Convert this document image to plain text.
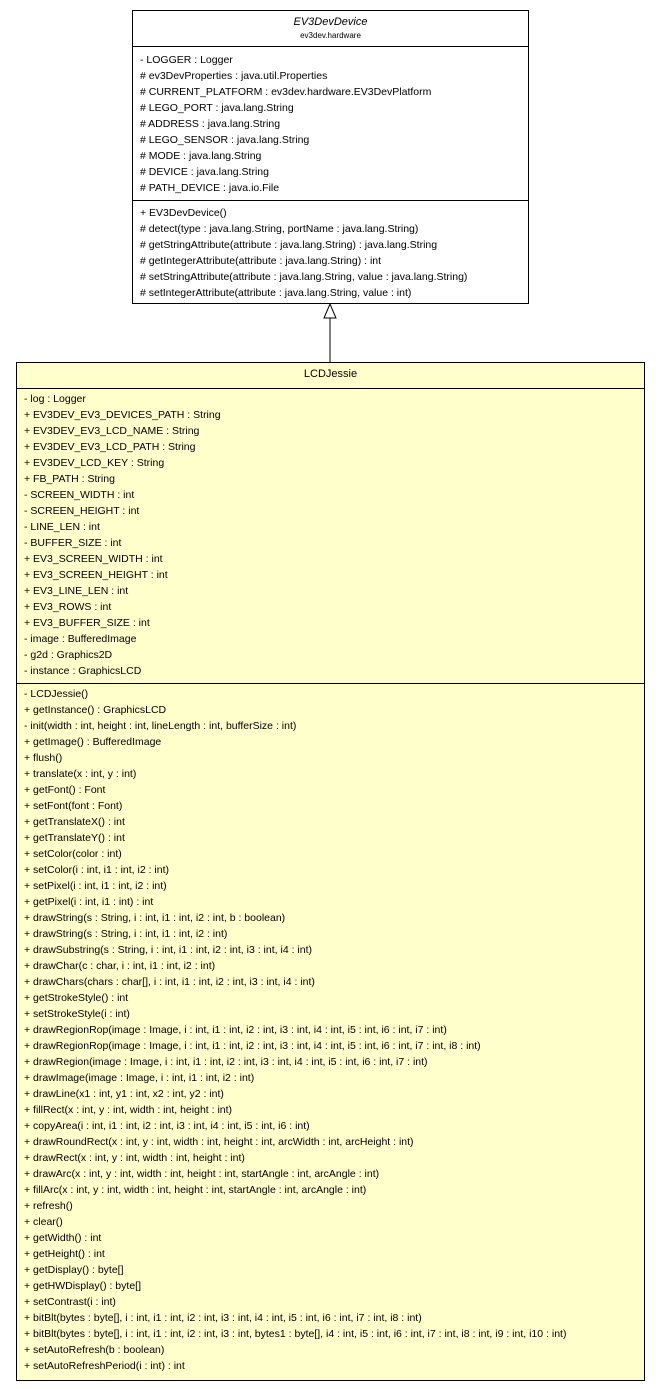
EV3DevDevice
ev3dev.hardware
- LOGGER : Logger
# ev3DevProperties : java.util.Properties
# CURRENT_PLATFORM : ev3dev.hardware.EV3DevPlatform
# LEGO_PORT : java.lang.String
# ADDRESS : java.lang.String
# LEGO_SENSOR : java.lang.String
# MODE : java.lang.String
# DEVICE : java.lang.String
# PATH_DEVICE : java.io.File
+ EV3DevDevice()
# detect(type : java.lang.String, portName : java.lang.String)
# getStringAttribute(attribute : java.lang.String) : java.lang.String
# getIntegerAttribute(attribute : java.lang.String) : int
# setStringAttribute(attribute : java.lang.String, value : java.lang.String)
# setIntegerAttribute(attribute : java.lang.String, value : int)
LCDJessie
- log : Logger
+ EV3DEV_EV3_DEVICES_PATH : String
+ EV3DEV_EV3_LCD_NAME : String
+ EV3DEV_EV3_LCD_PATH : String
+ EV3DEV_LCD_KEY : String
+ FB_PATH : String
- SCREEN_WIDTH : int
- SCREEN_HEIGHT : int
- LINE_LEN : int
- BUFFER_SIZE : int
+ EV3_SCREEN_WIDTH : int
+ EV3_SCREEN_HEIGHT : int
+ EV3_LINE_LEN : int
+ EV3_ROWS : int
+ EV3_BUFFER_SIZE : int
- image : BufferedImage
- g2d : Graphics2D
- instance : GraphicsLCD
- LCDJessie()
+ getInstance() : GraphicsLCD
- init(width : int, height : int, lineLength : int, bufferSize : int)
+ getImage() : BufferedImage
+ flush()
+ translate(x : int, y : int)
+ getFont() : Font
+ setFont(font : Font)
+ getTranslateX() : int
+ getTranslateY() : int
+ setColor(color : int)
+ setColor(i : int, i1 : int, i2 : int)
+ setPixel(i : int, i1 : int, i2 : int)
+ getPixel(i : int, i1 : int) : int
+ drawString(s : String, i : int, i1 : int, i2 : int, b : boolean)
+ drawString(s : String, i : int, i1 : int, i2 : int)
+ drawSubstring(s : String, i : int, i1 : int, i2 : int, i3 : int, i4 : int)
+ drawChar(c : char, i : int, i1 : int, i2 : int)
+ drawChars(chars : char[], i : int, i1 : int, i2 : int, i3 : int, i4 : int)
+ getStrokeStyle() : int
+ setStrokeStyle(i : int)
+ drawRegionRop(image : Image, i : int, i1 : int, i2 : int, i3 : int, i4 : int, i5 : int, i6 : int, i7 : int)
+ drawRegionRop(image : Image, i : int, i1 : int, i2 : int, i3 : int, i4 : int, i5 : int, i6 : int, i7 : int, i8 : int)
+ drawRegion(image : Image, i : int, i1 : int, i2 : int, i3 : int, i4 : int, i5 : int, i6 : int, i7 : int)
+ drawImage(image : Image, i : int, i1 : int, i2 : int)
+ drawLine(x1 : int, y1 : int, x2 : int, y2 : int)
+ fillRect(x : int, y : int, width : int, height : int)
+ copyArea(i : int, i1 : int, i2 : int, i3 : int, i4 : int, i5 : int, i6 : int)
+ drawRoundRect(x : int, y : int, width : int, height : int, arcWidth : int, arcHeight : int)
+ drawRect(x : int, y : int, width : int, height : int)
+ drawArc(x : int, y : int, width : int, height : int, startAngle : int, arcAngle : int)
+ fillArc(x : int, y : int, width : int, height : int, startAngle : int, arcAngle : int)
+ refresh()
+ clear()
+ getWidth() : int
+ getHeight() : int
+ getDisplay() : byte[]
+ getHWDisplay() : byte[]
+ setContrast(i : int)
+ bitBlt(bytes : byte[], i : int, i1 : int, i2 : int, i3 : int, i4 : int, i5 : int, i6 : int, i7 : int, i8 : int)
+ bitBlt(bytes : byte[], i : int, i1 : int, i2 : int, i3 : int, bytes1 : byte[], i4 : int, i5 : int, i6 : int, i7 : int, i8 : int, i9 : int, i10 : int)
+ setAutoRefresh(b : boolean)
+ setAutoRefreshPeriod(i : int) : int
